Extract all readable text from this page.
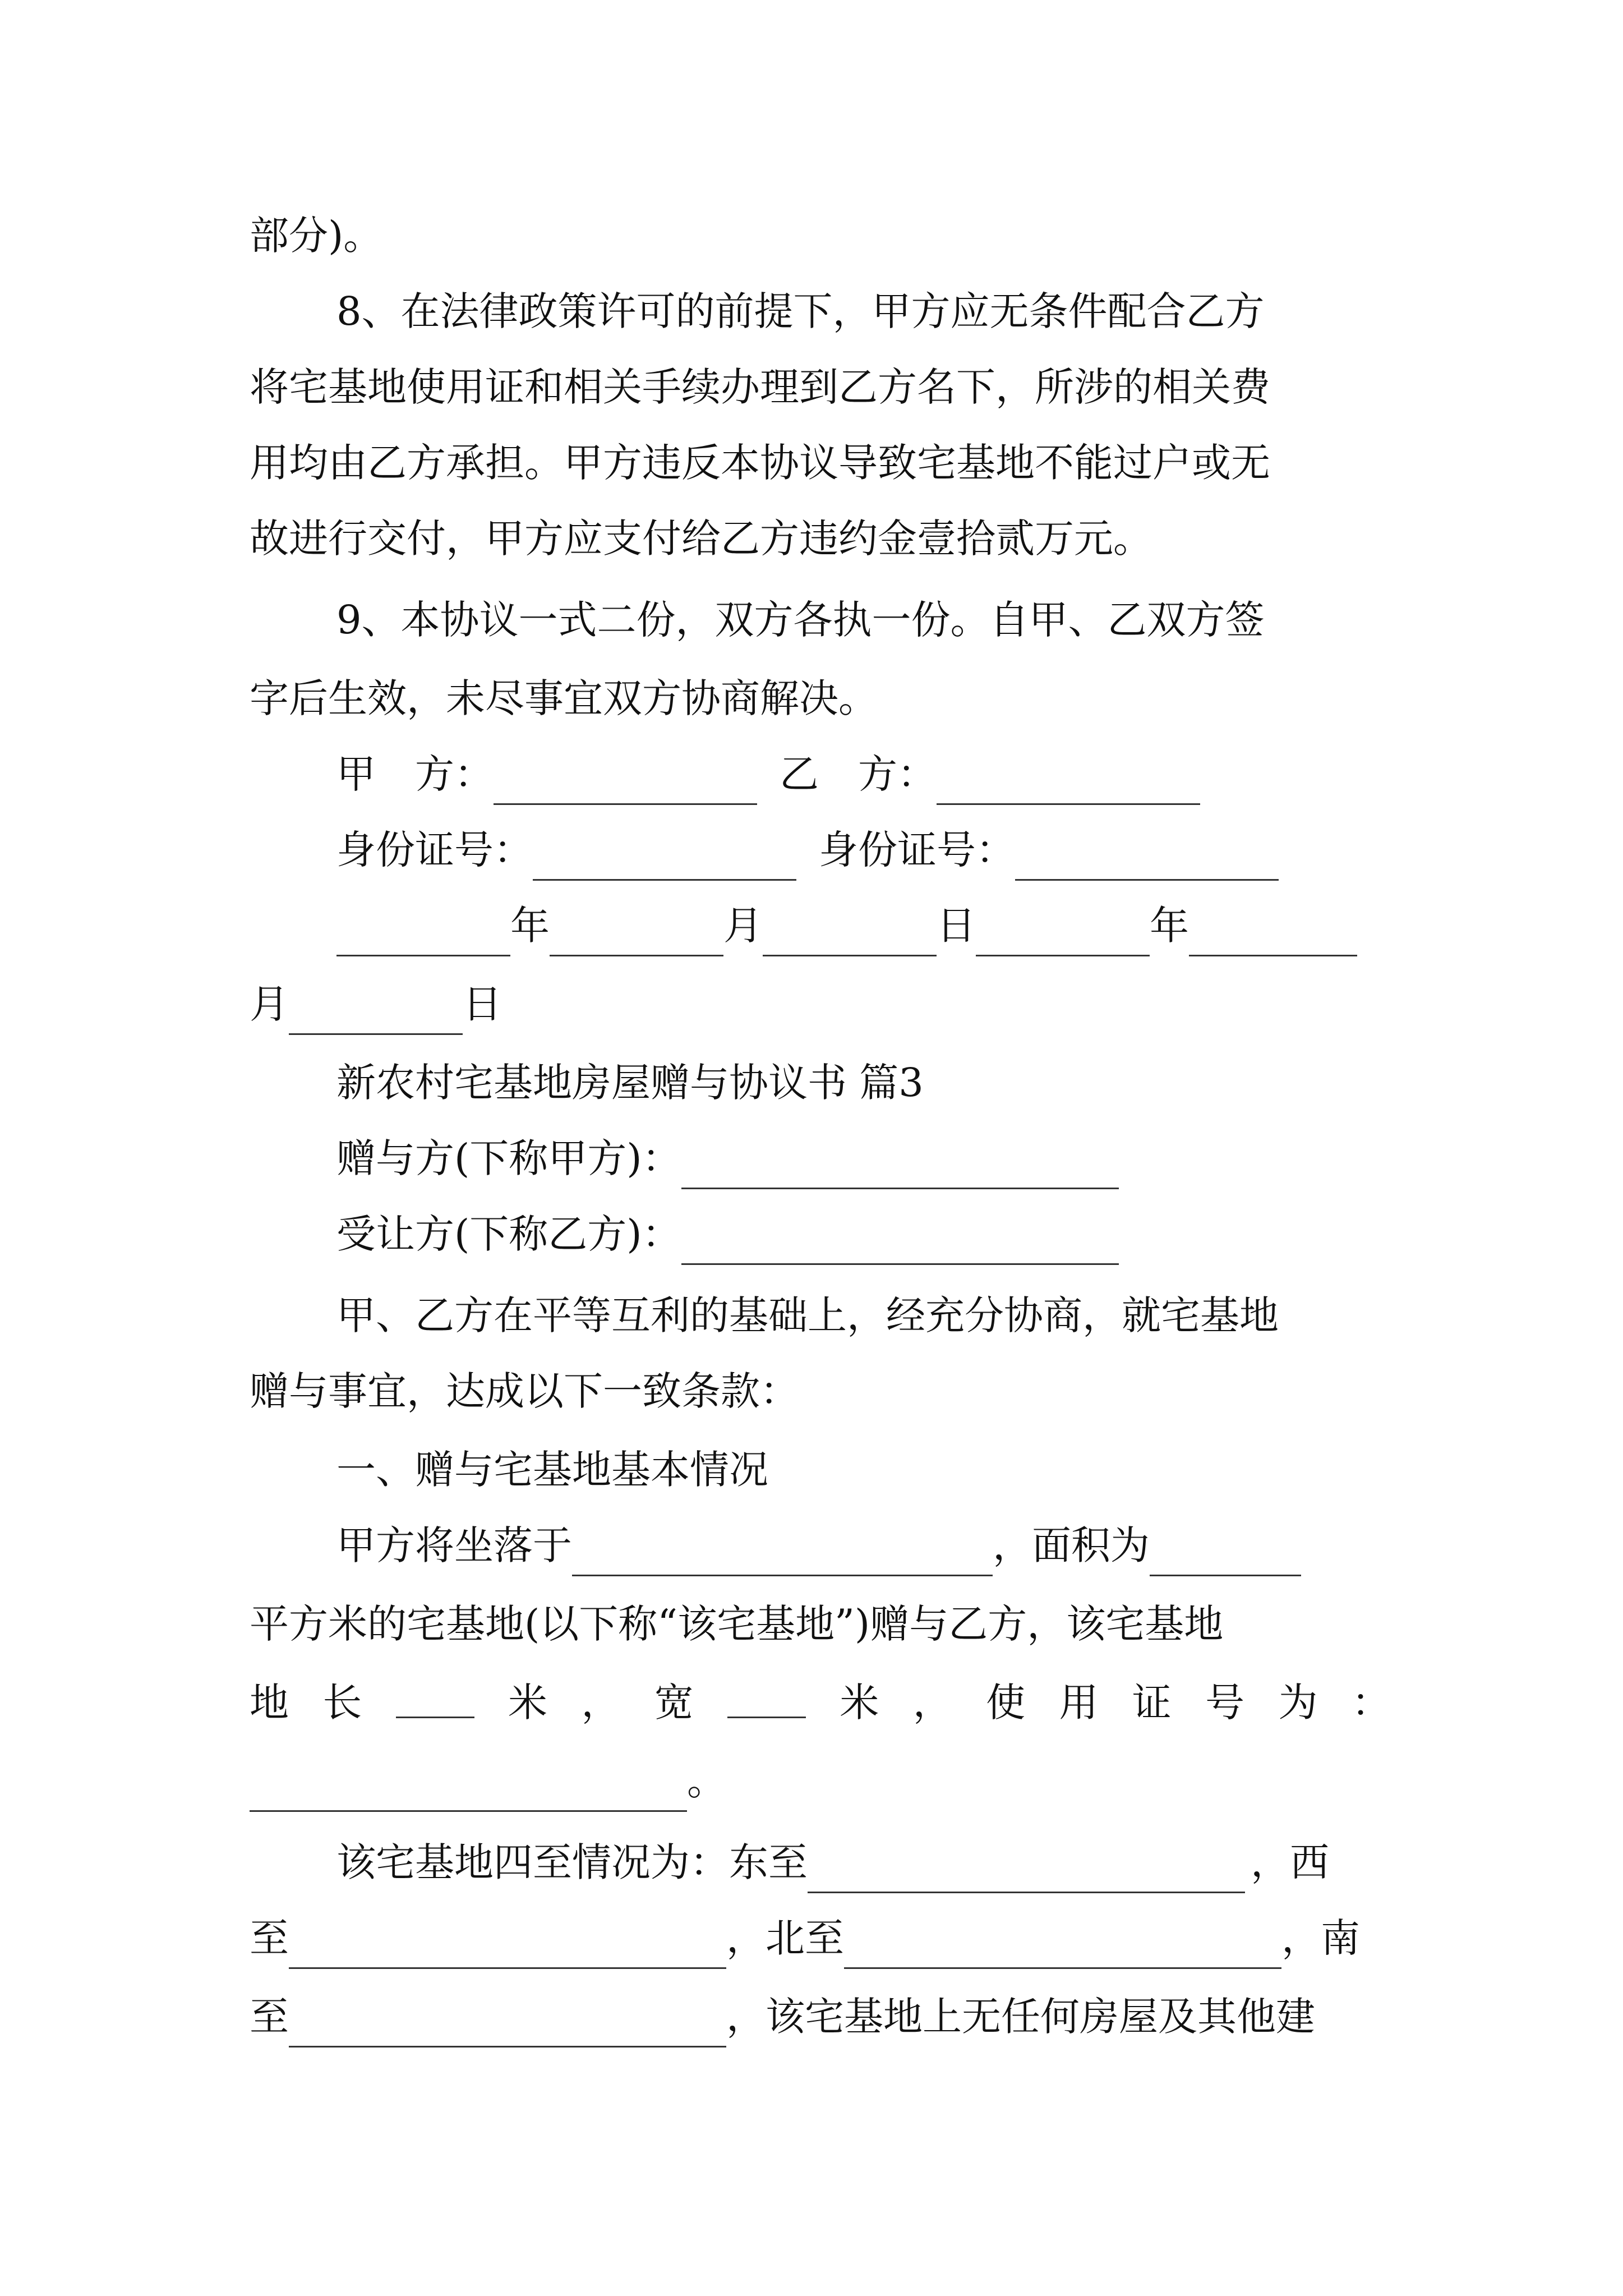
部分)。
8、在法律政策许可的前提下，甲方应无条件配合乙方
将宅基地使用证和相关手续办理到乙方名下，所涉的相关费
用均由乙方承担。甲方违反本协议导致宅基地不能过户或无
故进行交付，甲方应支付给乙方违约金壹拾贰万元。
9、本协议一式二份，双方各执一份。自甲、乙双方签
字后生效，未尽事宜双方协商解决。
甲　方：	乙　方：
身份证号：	身份证号：
年	月	日	年
月	日
新农村宅基地房屋赠与协议书 篇3
赠与方(下称甲方)：
受让方(下称乙方)：
甲、乙方在平等互利的基础上，经充分协商，就宅基地
赠与事宜，达成以下一致条款：
一、赠与宅基地基本情况
甲方将坐落于	，面积为
平方米的宅基地(以下称“该宅基地”)赠与乙方，该宅基地
地 长	米 ， 宽	米 ， 使 用 证 号 为 ：
。
该宅基地四至情况为：东至	，西
至	，北至	，南
至	，该宅基地上无任何房屋及其他建
